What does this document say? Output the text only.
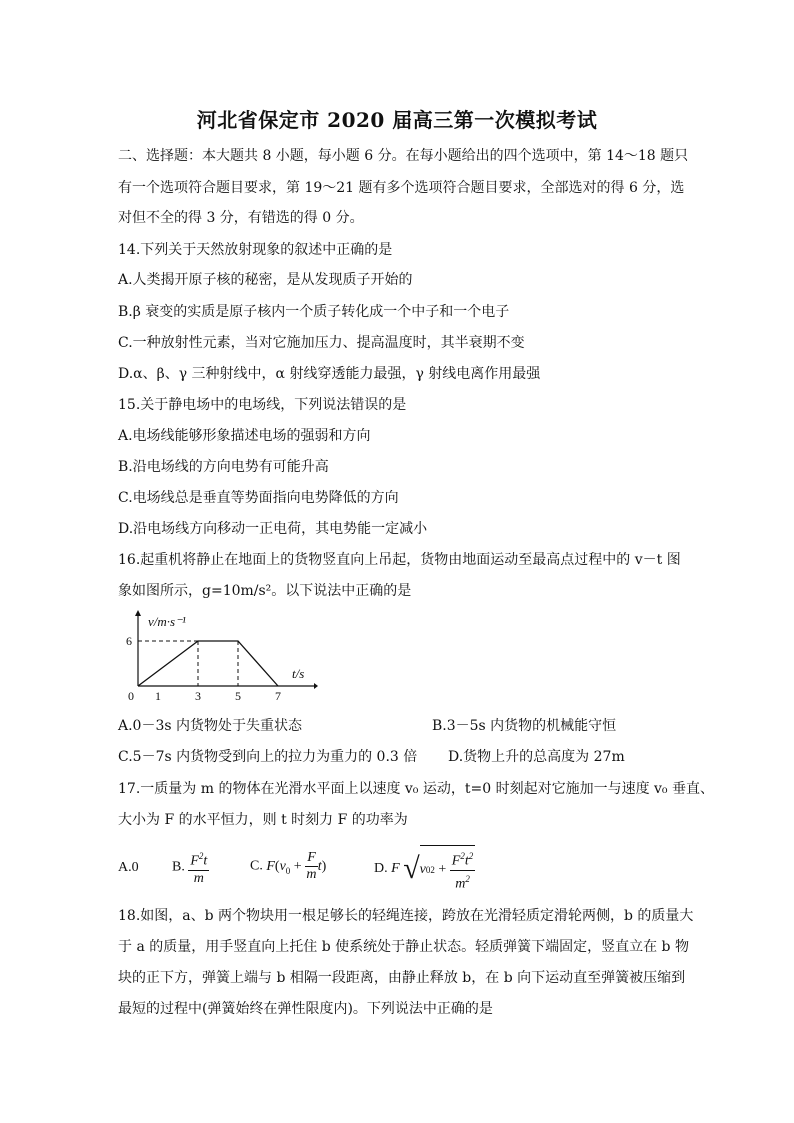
河北省保定市 2020 届高三第一次模拟考试
二、选择题：本大题共 8 小题，每小题 6 分。在每小题给出的四个选项中，第 14～18 题只
有一个选项符合题目要求，第 19～21 题有多个选项符合题目要求，全部选对的得 6 分，选
对但不全的得 3 分，有错选的得 0 分。
14.下列关于天然放射现象的叙述中正确的是
A.人类揭开原子核的秘密，是从发现质子开始的
B.β 衰变的实质是原子核内一个质子转化成一个中子和一个电子
C.一种放射性元素，当对它施加压力、提高温度时，其半衰期不变
D.α、β、γ 三种射线中，α 射线穿透能力最强，γ 射线电离作用最强
15.关于静电场中的电场线，下列说法错误的是
A.电场线能够形象描述电场的强弱和方向
B.沿电场线的方向电势有可能升高
C.电场线总是垂直等势面指向电势降低的方向
D.沿电场线方向移动一正电荷，其电势能一定减小
16.起重机将静止在地面上的货物竖直向上吊起，货物由地面运动至最高点过程中的 v－t 图
象如图所示，g=10m/s²。以下说法中正确的是
0 1	3	5	7
6
v/m·s⁻¹
t/s
A.0－3s 内货物处于失重状态	B.3－5s 内货物的机械能守恒
C.5－7s 内货物受到向上的拉力为重力的 0.3 倍 D.货物上升的总高度为 27m
17.一质量为 m 的物体在光滑水平面上以速度 v₀ 运动，t=0 时刻起对它施加一与速度 v₀ 垂直、
大小为 F 的水平恒力，则 t 时刻力 F 的功率为
A.0 B. $\frac{F^2t}{m}$	C. $F(v_0 + \frac{F}{m} t)$	D. F √ v 0 2 +
$F^2t^2$
$m^2$
18.如图，a、b 两个物块用一根足够长的轻绳连接，跨放在光滑轻质定滑轮两侧，b 的质量大
于 a 的质量，用手竖直向上托住 b 使系统处于静止状态。轻质弹簧下端固定，竖直立在 b 物
块的正下方，弹簧上端与 b 相隔一段距离，由静止释放 b，在 b 向下运动直至弹簧被压缩到
最短的过程中(弹簧始终在弹性限度内)。下列说法中正确的是
